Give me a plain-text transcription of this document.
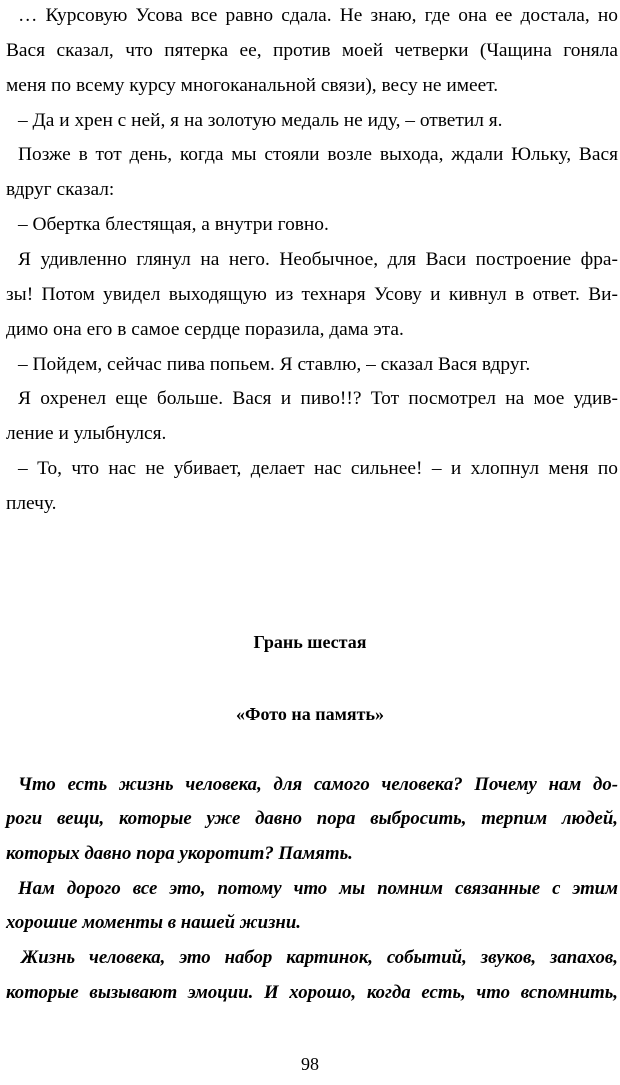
… Курсовую Усова все равно сдала. Не знаю, где она ее достала, но
Вася сказал, что пятерка ее, против моей четверки (Чащина гоняла
меня по всему курсу многоканальной связи), весу не имеет.
– Да и хрен с ней, я на золотую медаль не иду, – ответил я.
Позже в тот день, когда мы стояли возле выхода, ждали Юльку, Вася
вдруг сказал:
– Обертка блестящая, а внутри говно.
Я удивленно глянул на него. Необычное, для Васи построение фра-
зы! Потом увидел выходящую из технаря Усову и кивнул в ответ. Ви-
димо она его в самое сердце поразила, дама эта.
– Пойдем, сейчас пива попьем. Я ставлю, – сказал Вася вдруг.
Я охренел еще больше. Вася и пиво!!? Тот посмотрел на мое удив-
ление и улыбнулся.
– То, что нас не убивает, делает нас сильнее! – и хлопнул меня по
плечу.
Грань шестая
«Фото на память»
Что есть жизнь человека, для самого человека? Почему нам до-
роги вещи, которые уже давно пора выбросить, терпим людей,
которых давно пора укоротит? Память.
Нам дорого все это, потому что мы помним связанные с этим
хорошие моменты в нашей жизни.
Жизнь человека, это набор картинок, событий, звуков, запахов,
которые вызывают эмоции. И хорошо, когда есть, что вспомнить,
98
